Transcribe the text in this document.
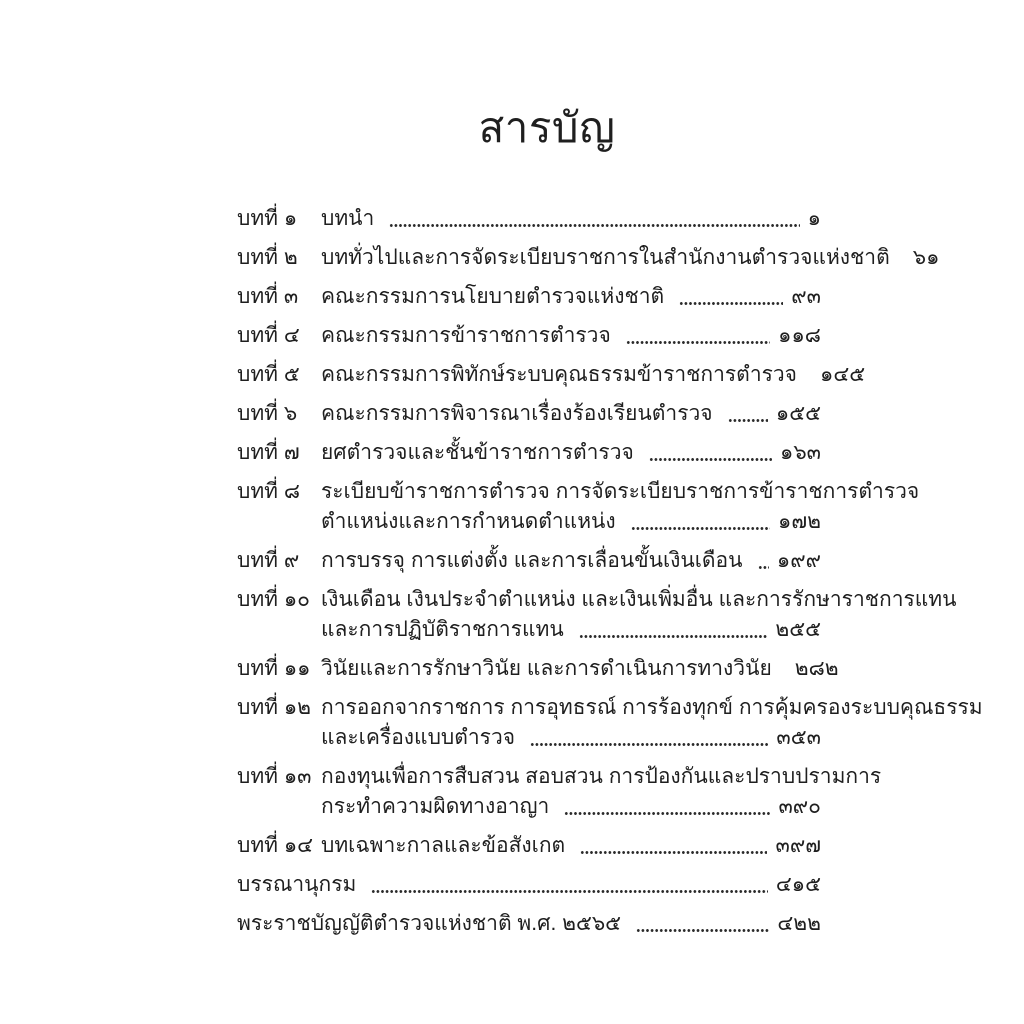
สารบัญ
บทที่ ๑	บทนำ	๑
บทที่ ๒	บททั่วไปและการจัดระเบียบราชการในสำนักงานตำรวจแห่งชาติ ๖๑
บทที่ ๓	คณะกรรมการนโยบายตำรวจแห่งชาติ	๙๓
บทที่ ๔	คณะกรรมการข้าราชการตำรวจ	๑๑๘
บทที่ ๕	คณะกรรมการพิทักษ์ระบบคุณธรรมข้าราชการตำรวจ ๑๔๕
บทที่ ๖	คณะกรรมการพิจารณาเรื่องร้องเรียนตำรวจ	๑๕๕
บทที่ ๗	ยศตำรวจและชั้นข้าราชการตำรวจ	๑๖๓
บทที่ ๘ ระเบียบข้าราชการตำรวจ การจัดระเบียบราชการข้าราชการตำรวจ
ตำแหน่งและการกำหนดตำแหน่ง	๑๗๒
บทที่ ๙	การบรรจุ การแต่งตั้ง และการเลื่อนขั้นเงินเดือน ๑๙๙
บทที่ ๑๐ เงินเดือน เงินประจำตำแหน่ง และเงินเพิ่มอื่น และการรักษาราชการแทน
และการปฏิบัติราชการแทน	๒๕๕
บทที่ ๑๑ วินัยและการรักษาวินัย และการดำเนินการทางวินัย ๒๘๒
บทที่ ๑๒ การออกจากราชการ การอุทธรณ์ การร้องทุกข์ การคุ้มครองระบบคุณธรรม
และเครื่องแบบตำรวจ	๓๕๓
บทที่ ๑๓ กองทุนเพื่อการสืบสวน สอบสวน การป้องกันและปราบปรามการ
กระทำความผิดทางอาญา	๓๙๐
บทที่ ๑๔ บทเฉพาะกาลและข้อสังเกต	๓๙๗
บรรณานุกรม	๔๑๕
พระราชบัญญัติตำรวจแห่งชาติ พ.ศ. ๒๕๖๕	๔๒๒
